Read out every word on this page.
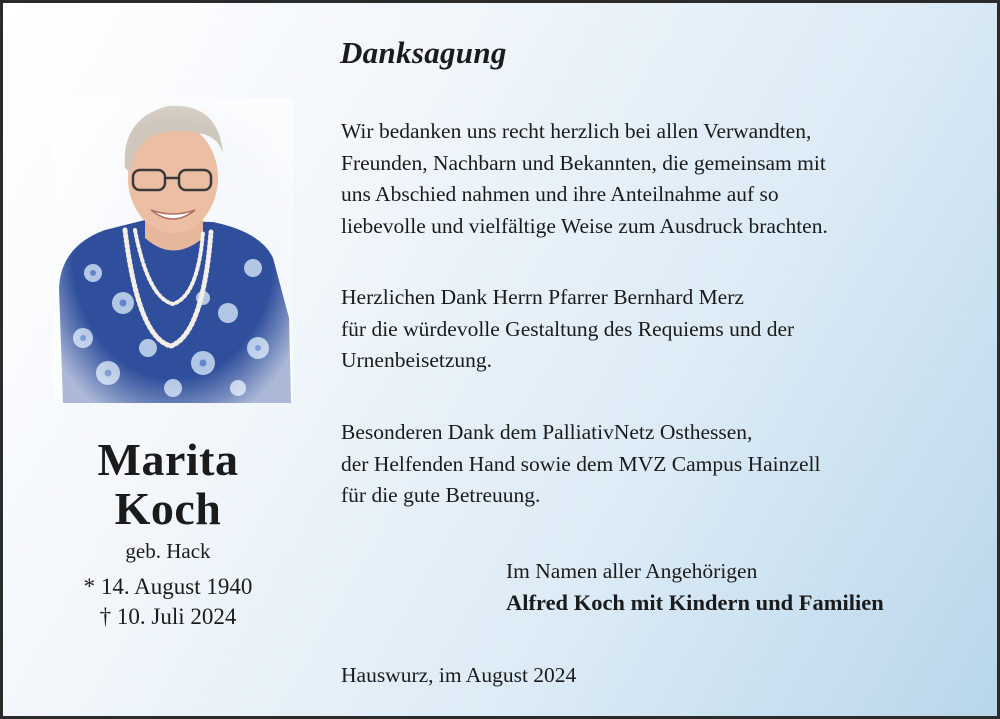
Marita
Koch
geb. Hack
* 14. August 1940
† 10. Juli 2024
Danksagung
Wir bedanken uns recht herzlich bei allen Verwandten,
Freunden, Nachbarn und Bekannten, die gemeinsam mit
uns Abschied nahmen und ihre Anteilnahme auf so
liebevolle und vielfältige Weise zum Ausdruck brachten.
Herzlichen Dank Herrn Pfarrer Bernhard Merz
für die würdevolle Gestaltung des Requiems und der
Urnenbeisetzung.
Besonderen Dank dem PalliativNetz Osthessen,
der Helfenden Hand sowie dem MVZ Campus Hainzell
für die gute Betreuung.
Im Namen aller Angehörigen
Alfred Koch mit Kindern und Familien
Hauswurz, im August 2024
